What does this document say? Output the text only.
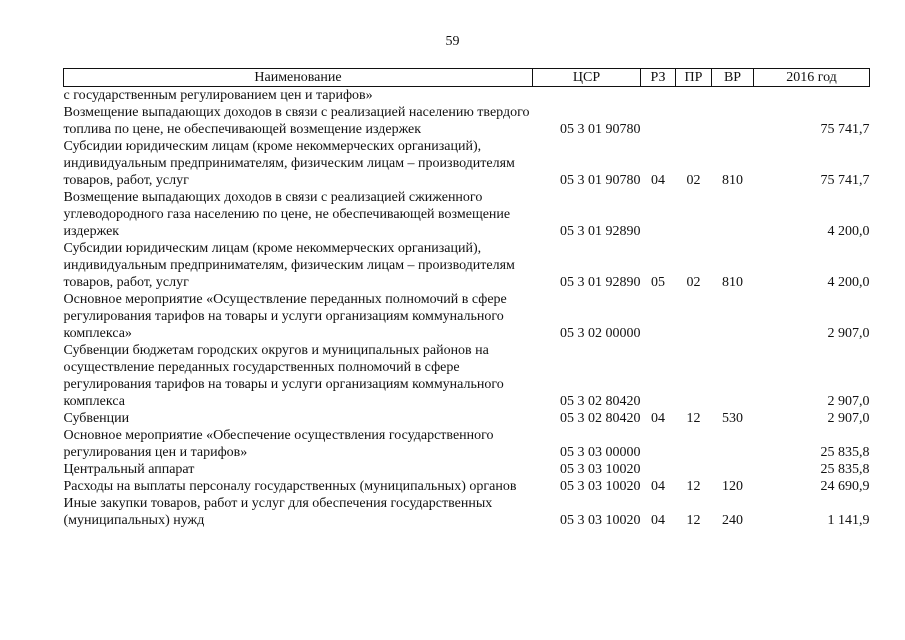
59
Наименование	ЦСР	РЗ	ПР	ВР	2016 год
с государственным регулированием цен и тарифов»					
Возмещение выпадающих доходов в связи с реализацией населению твердого топлива по цене, не обеспечивающей возмещение издержек	05 3 01 90780				75 741,7
Субсидии юридическим лицам (кроме некоммерческих организаций), индивидуальным предпринимателям, физическим лицам – производителям товаров, работ, услуг	05 3 01 90780	04	02	810	75 741,7
Возмещение выпадающих доходов в связи с реализацией сжиженного углеводородного газа населению по цене, не обеспечивающей возмещение издержек	05 3 01 92890				4 200,0
Субсидии юридическим лицам (кроме некоммерческих организаций), индивидуальным предпринимателям, физическим лицам – производителям товаров, работ, услуг	05 3 01 92890	05	02	810	4 200,0
Основное мероприятие «Осуществление переданных полномочий в сфере регулирования тарифов на товары и услуги организациям коммунального комплекса»	05 3 02 00000				2 907,0
Субвенции бюджетам городских округов и муниципальных районов на осуществление переданных государственных полномочий в сфере регулирования тарифов на товары и услуги организациям коммунального комплекса	05 3 02 80420				2 907,0
Субвенции	05 3 02 80420	04	12	530	2 907,0
Основное мероприятие «Обеспечение осуществления государственного регулирования цен и тарифов»	05 3 03 00000				25 835,8
Центральный аппарат	05 3 03 10020				25 835,8
Расходы на выплаты персоналу государственных (муниципальных) органов	05 3 03 10020	04	12	120	24 690,9
Иные закупки товаров, работ и услуг для обеспечения государственных (муниципальных) нужд	05 3 03 10020	04	12	240	1 141,9
